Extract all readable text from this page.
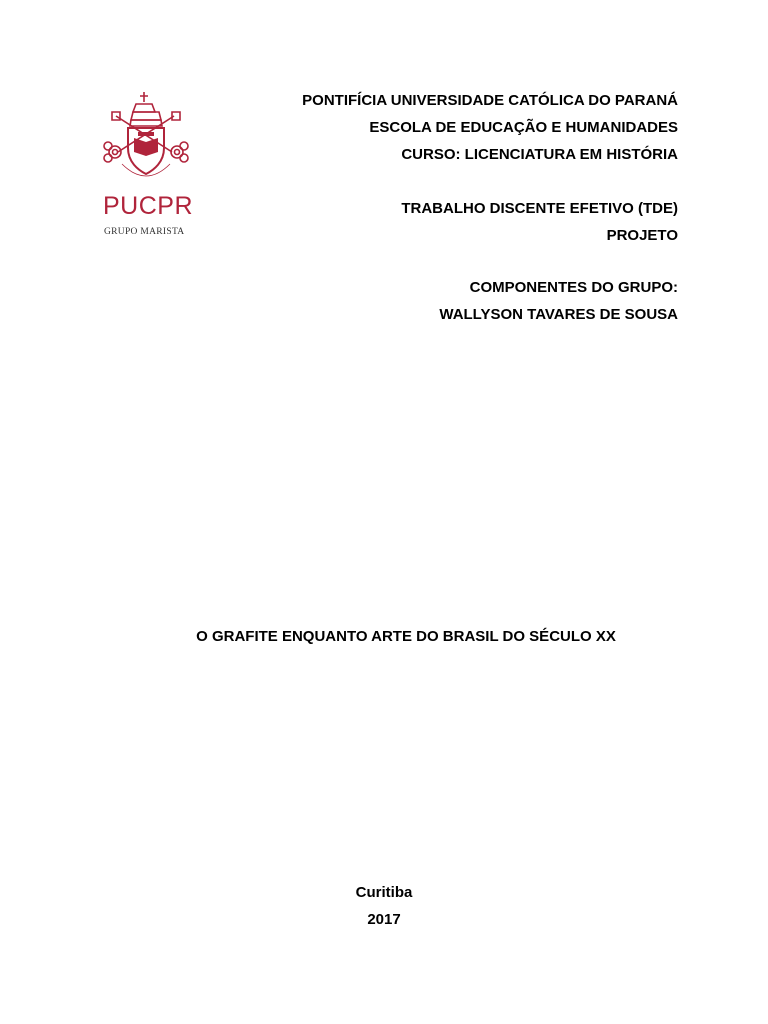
PUCPR
GRUPO MARISTA

PONTIFÍCIA UNIVERSIDADE CATÓLICA DO PARANÁ

ESCOLA DE EDUCAÇÃO E HUMANIDADES

CURSO: LICENCIATURA EM HISTÓRIA

TRABALHO DISCENTE EFETIVO (TDE)

PROJETO

COMPONENTES DO GRUPO:

WALLYSON TAVARES DE SOUSA

O GRAFITE ENQUANTO ARTE DO BRASIL DO SÉCULO XX

Curitiba

2017
